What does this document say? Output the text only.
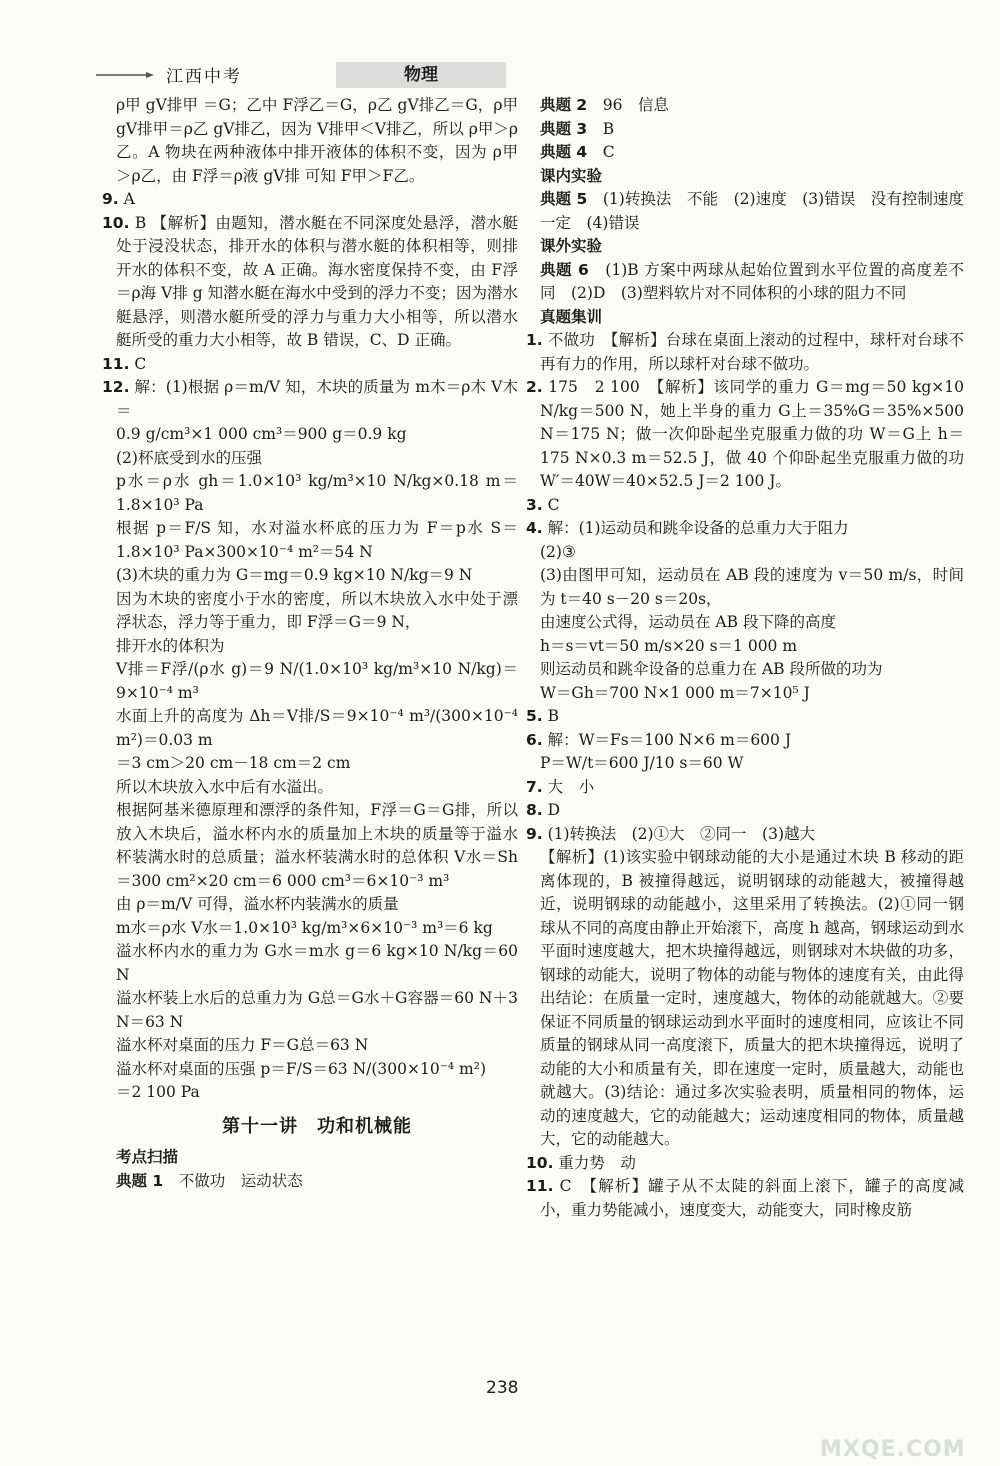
江西中考	物理

ρ甲 gV排甲 ＝G；乙中 F浮乙＝G，ρ乙 gV排乙＝G，ρ甲 gV排甲＝ρ乙 gV排乙，因为 V排甲＜V排乙，所以 ρ甲＞ρ乙。A 物块在两种液体中排开液体的体积不变，因为 ρ甲＞ρ乙，由 F浮＝ρ液 gV排 可知 F甲＞F乙。

9. A

10. B 【解析】由题知，潜水艇在不同深度处悬浮，潜水艇处于浸没状态，排开水的体积与潜水艇的体积相等，则排开水的体积不变，故 A 正确。海水密度保持不变，由 F浮＝ρ海 V排 g 知潜水艇在海水中受到的浮力不变；因为潜水艇悬浮，则潜水艇所受的浮力与重力大小相等，所以潜水艇所受的重力大小相等，故 B 错误，C、D 正确。

11. C

12. 解：(1)根据 ρ＝m/V 知，木块的质量为 m木＝ρ木 V木＝

0.9 g/cm³×1 000 cm³＝900 g＝0.9 kg

(2)杯底受到水的压强

p水＝ρ水 gh＝1.0×10³ kg/m³×10 N/kg×0.18 m＝1.8×10³ Pa

根据 p＝F/S 知，水对溢水杯底的压力为 F＝p水 S＝1.8×10³ Pa×300×10⁻⁴ m²＝54 N

(3)木块的重力为 G＝mg＝0.9 kg×10 N/kg＝9 N

因为木块的密度小于水的密度，所以木块放入水中处于漂浮状态，浮力等于重力，即 F浮＝G＝9 N，

排开水的体积为

V排＝F浮/(ρ水 g)＝9 N/(1.0×10³ kg/m³×10 N/kg)＝9×10⁻⁴ m³

水面上升的高度为 Δh＝V排/S＝9×10⁻⁴ m³/(300×10⁻⁴ m²)＝0.03 m

＝3 cm＞20 cm－18 cm＝2 cm

所以木块放入水中后有水溢出。

根据阿基米德原理和漂浮的条件知，F浮＝G＝G排，所以放入木块后，溢水杯内水的质量加上木块的质量等于溢水杯装满水时的总质量；溢水杯装满水时的总体积 V水＝Sh＝300 cm²×20 cm＝6 000 cm³＝6×10⁻³ m³

由 ρ＝m/V 可得，溢水杯内装满水的质量

m水＝ρ水 V水＝1.0×10³ kg/m³×6×10⁻³ m³＝6 kg

溢水杯内水的重力为 G水＝m水 g＝6 kg×10 N/kg＝60 N

溢水杯装上水后的总重力为 G总＝G水＋G容器＝60 N＋3 N＝63 N

溢水杯对桌面的压力 F＝G总＝63 N

溢水杯对桌面的压强 p＝F/S＝63 N/(300×10⁻⁴ m²)

＝2 100 Pa

第十一讲　功和机械能

考点扫描

典题 1　 不做功　运动状态

典题 2　 96　信息

典题 3　 B

典题 4　 C

课内实验

典题 5　 (1)转换法　不能　(2)速度　(3)错误　没有控制速度一定　(4)错误

课外实验

典题 6　 (1)B 方案中两球从起始位置到水平位置的高度差不同　(2)D　(3)塑料软片对不同体积的小球的阻力不同

真题集训

1. 不做功　【解析】台球在桌面上滚动的过程中，球杆对台球不再有力的作用，所以球杆对台球不做功。

2. 175　2 100　【解析】该同学的重力 G＝mg＝50 kg×10 N/kg＝500 N，她上半身的重力 G上＝35%G＝35%×500 N＝175 N；做一次仰卧起坐克服重力做的功 W＝G上 h＝175 N×0.3 m＝52.5 J，做 40 个仰卧起坐克服重力做的功 W′＝40W＝40×52.5 J＝2 100 J。

3. C

4. 解：(1)运动员和跳伞设备的总重力大于阻力

(2)③

(3)由图甲可知，运动员在 AB 段的速度为 v＝50 m/s，时间为 t＝40 s－20 s＝20s，

由速度公式得，运动员在 AB 段下降的高度

h＝s＝vt＝50 m/s×20 s＝1 000 m

则运动员和跳伞设备的总重力在 AB 段所做的功为

W＝Gh＝700 N×1 000 m＝7×10⁵ J

5. B

6. 解：W＝Fs＝100 N×6 m＝600 J

P＝W/t＝600 J/10 s＝60 W

7. 大　小

8. D

9. (1)转换法　(2)①大　②同一　(3)越大

【解析】(1)该实验中钢球动能的大小是通过木块 B 移动的距离体现的，B 被撞得越远，说明钢球的动能越大，被撞得越近，说明钢球的动能越小，这里采用了转换法。(2)①同一钢球从不同的高度由静止开始滚下，高度 h 越高，钢球运动到水平面时速度越大，把木块撞得越远，则钢球对木块做的功多，钢球的动能大，说明了物体的动能与物体的速度有关，由此得出结论：在质量一定时，速度越大，物体的动能就越大。②要保证不同质量的钢球运动到水平面时的速度相同，应该让不同质量的钢球从同一高度滚下，质量大的把木块撞得远，说明了动能的大小和质量有关，即在速度一定时，质量越大，动能也就越大。(3)结论：通过多次实验表明，质量相同的物体，运动的速度越大，它的动能越大；运动速度相同的物体，质量越大，它的动能越大。

10. 重力势　动

11. C　【解析】罐子从不太陡的斜面上滚下，罐子的高度减小，重力势能减小，速度变大，动能变大，同时橡皮筋

238
MXQE.COM
